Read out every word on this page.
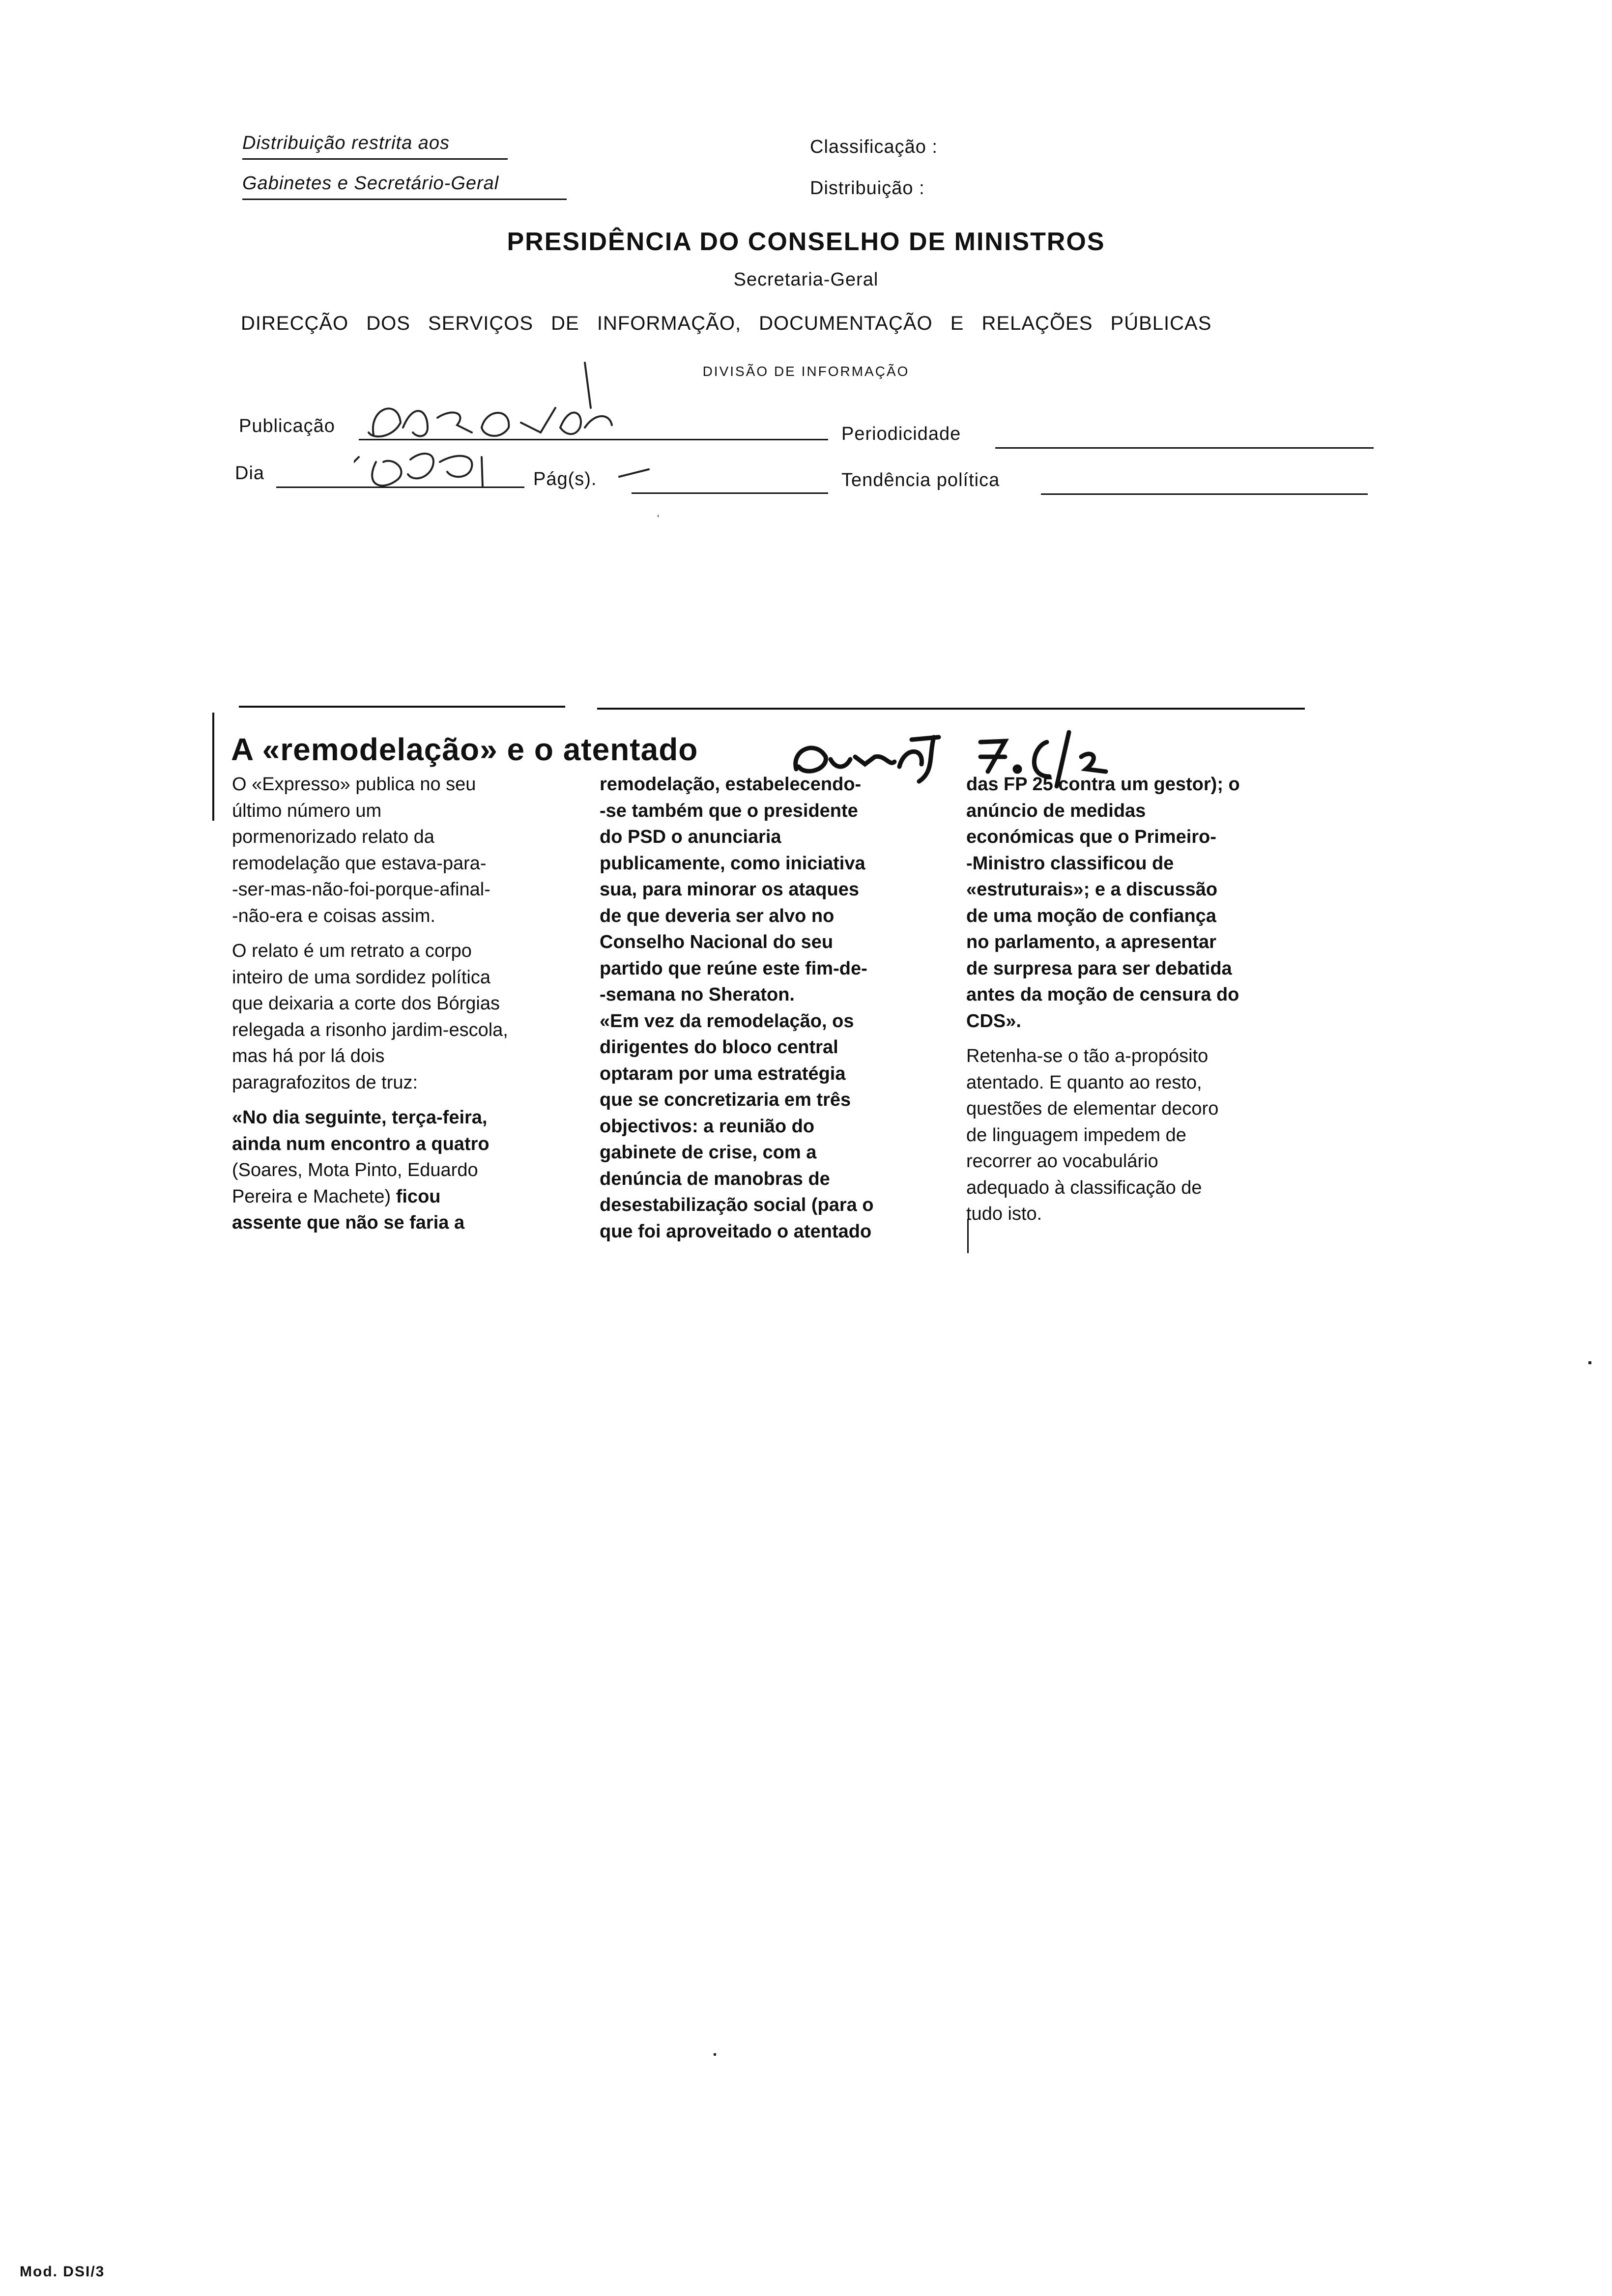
Distribuição restrita aos
Gabinetes e Secretário-Geral
Classificação :
Distribuição :
PRESIDÊNCIA DO CONSELHO DE MINISTROS
Secretaria-Geral
DIRECÇÃO DOS SERVIÇOS DE INFORMAÇÃO, DOCUMENTAÇÃO E RELAÇÕES PÚBLICAS
DIVISÃO DE INFORMAÇÃO
Publicação	Periodicidade
Dia	Pág(s).	Tendência política
A «remodelação» e o atentado

O «Expresso» publica no seu
último número um
pormenorizado relato da
remodelação que estava-para-
-ser-mas-não-foi-porque-afinal-
-não-era e coisas assim.

O relato é um retrato a corpo
inteiro de uma sordidez política
que deixaria a corte dos Bórgias
relegada a risonho jardim-escola,
mas há por lá dois
paragrafozitos de truz:

«No dia seguinte, terça-feira,
ainda num encontro a quatro
(Soares, Mota Pinto, Eduardo
Pereira e Machete) ficou
assente que não se faria a

remodelação, estabelecendo-
-se também que o presidente
do PSD o anunciaria
publicamente, como iniciativa
sua, para minorar os ataques
de que deveria ser alvo no
Conselho Nacional do seu
partido que reúne este fim-de-
-semana no Sheraton.
«Em vez da remodelação, os
dirigentes do bloco central
optaram por uma estratégia
que se concretizaria em três
objectivos: a reunião do
gabinete de crise, com a
denúncia de manobras de
desestabilização social (para o
que foi aproveitado o atentado

das FP 25 contra um gestor); o
anúncio de medidas
económicas que o Primeiro-
-Ministro classificou de
«estruturais»; e a discussão
de uma moção de confiança
no parlamento, a apresentar
de surpresa para ser debatida
antes da moção de censura do
CDS».

Retenha-se o tão a-propósito
atentado. E quanto ao resto,
questões de elementar decoro
de linguagem impedem de
recorrer ao vocabulário
adequado à classificação de
tudo isto.

Mod. DSI/3
